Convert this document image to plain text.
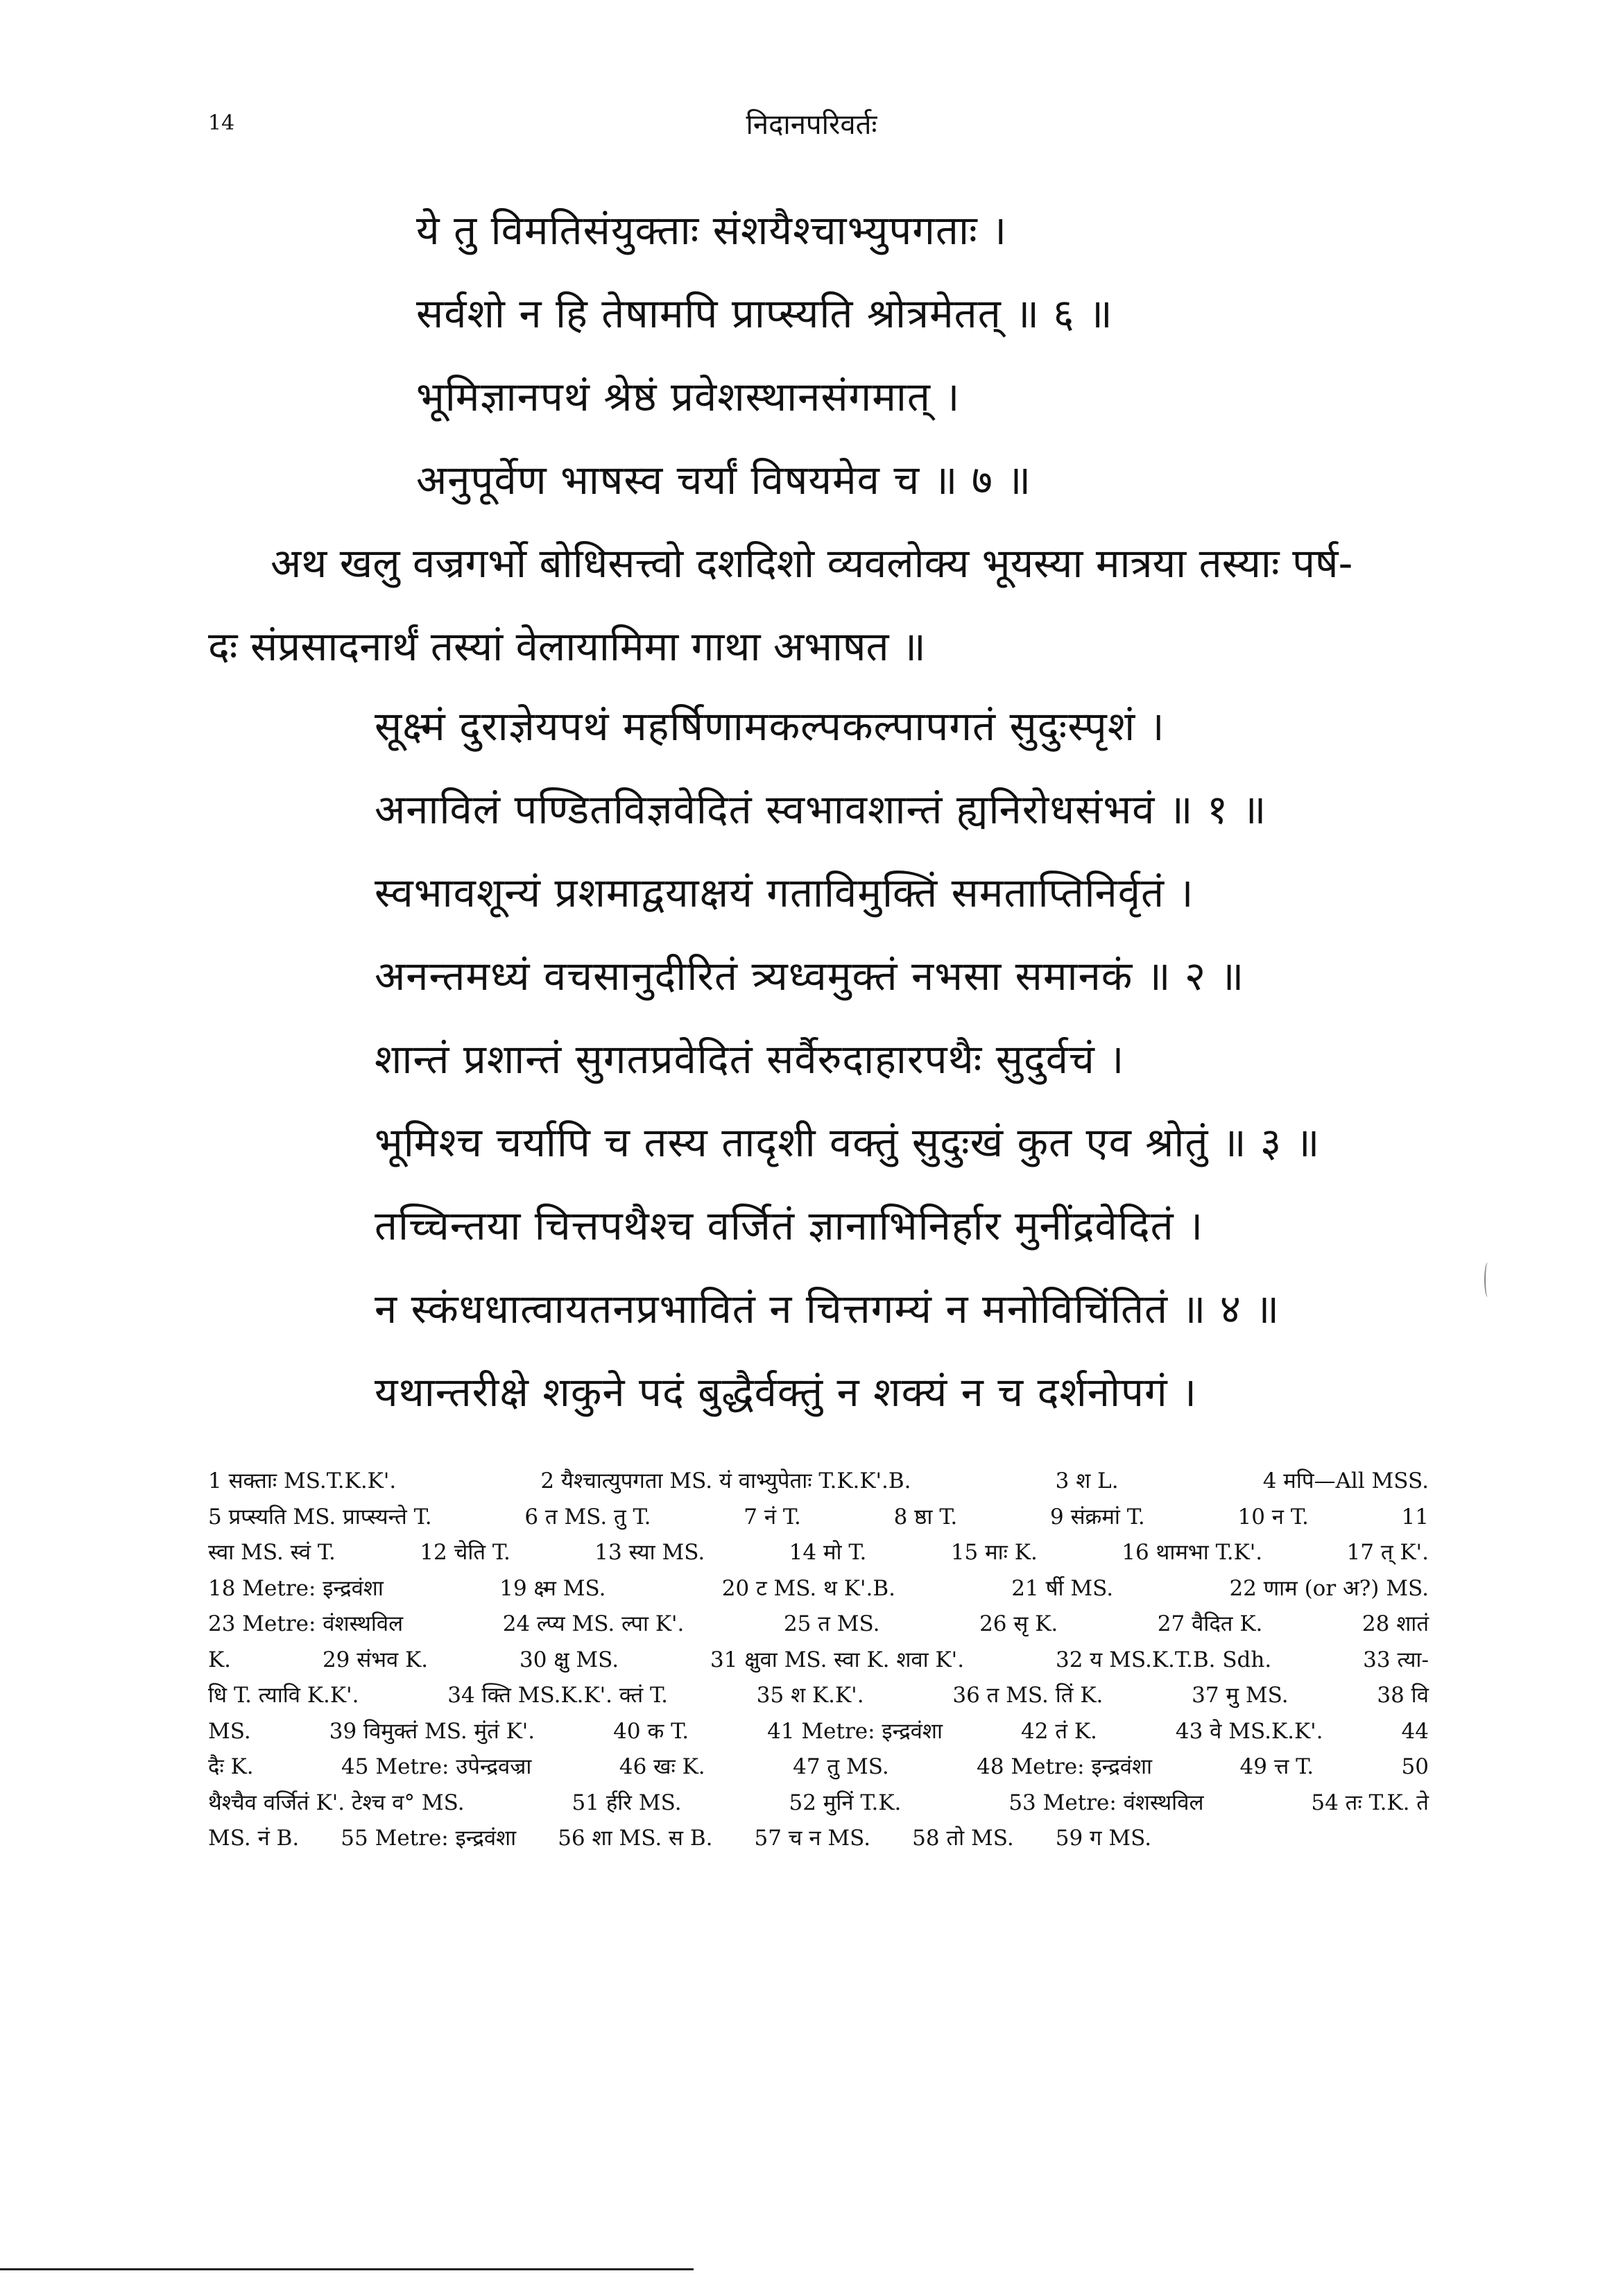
14	निदानपरिवर्तः
ये तु विमतिसंयुक्ताः संशयैश्चाभ्युपगताः ।
सर्वशो न हि तेषामपि प्राप्स्यति श्रोत्रमेतत् ॥ ६ ॥
भूमिज्ञानपथं श्रेष्ठं प्रवेशस्थानसंगमात् ।
अनुपूर्वेण भाषस्व चर्यां विषयमेव च ॥ ७ ॥
अथ खलु वज्रगर्भो बोधिसत्त्वो दशदिशो व्यवलोक्य भूयस्या मात्रया तस्याः पर्ष-
दः संप्रसादनार्थं तस्यां वेलायामिमा गाथा अभाषत ॥
सूक्ष्मं दुराज्ञेयपथं महर्षिणामकल्पकल्पापगतं सुदुःस्पृशं ।
अनाविलं पण्डितविज्ञवेदितं स्वभावशान्तं ह्यनिरोधसंभवं ॥ १ ॥
स्वभावशून्यं प्रशमाद्वयाक्षयं गताविमुक्तिं समताप्तिनिर्वृतं ।
अनन्तमध्यं वचसानुदीरितं त्र्यध्वमुक्तं नभसा समानकं ॥ २ ॥
शान्तं प्रशान्तं सुगतप्रवेदितं सर्वैरुदाहारपथैः सुदुर्वचं ।
भूमिश्च चर्यापि च तस्य तादृशी वक्तुं सुदुःखं कुत एव श्रोतुं ॥ ३ ॥
तच्चिन्तया चित्तपथैश्च वर्जितं ज्ञानाभिनिर्हार मुनींद्रवेदितं ।
न स्कंधधात्वायतनप्रभावितं न चित्तगम्यं न मनोविचिंतितं ॥ ४ ॥
यथान्तरीक्षे शकुने पदं बुद्धैर्वक्तुं न शक्यं न च दर्शनोपगं ।
1 सक्ताः MS.T.K.K'.	2 यैश्चात्युपगता MS. यं वाभ्युपेताः T.K.K'.B.	3 श L.	4 मपि—All MSS.
5 प्रप्स्यति MS. प्राप्स्यन्ते T.	6 त MS. तु T.	7 नं T.	8 ष्ठा T.	9 संक्रमां T.	10 न T.	11
स्वा MS. स्वं T.	12 चेति T.	13 स्या MS.	14 मो T.	15 माः K.	16 थामभा T.K'.	17 त् K'.
18 Metre: इन्द्रवंशा	19 क्ष्म MS.	20 ट MS. थ K'.B.	21 र्षी MS.	22 णाम (or अ?) MS.
23 Metre: वंशस्थविल	24 ल्प्य MS. ल्पा K'.	25 त MS.	26 सृ K.	27 वैदित K.	28 शातं
K.	29 संभव K.	30 क्षु MS.	31 क्षुवा MS. स्वा K. शवा K'.	32 य MS.K.T.B. Sdh.	33 त्या-
धि T. त्यावि K.K'.	34 क्ति MS.K.K'. क्तं T.	35 श K.K'.	36 त MS. तिं K.	37 मु MS.	38 वि
MS.	39 विमुक्तं MS. मुंतं K'.	40 क T.	41 Metre: इन्द्रवंशा	42 तं K.	43 वे MS.K.K'.	44
दैः K.	45 Metre: उपेन्द्रवज्रा	46 खः K.	47 तु MS.	48 Metre: इन्द्रवंशा	49 त्त T.	50
थैश्चैव वर्जितं K'. टेश्च व° MS.	51 र्हरि MS.	52 मुनिं T.K.	53 Metre: वंशस्थविल	54 तः T.K. ते
MS. नं B. 55 Metre: इन्द्रवंशा 56 शा MS. स B. 57 च न MS. 58 तो MS. 59 ग MS.
